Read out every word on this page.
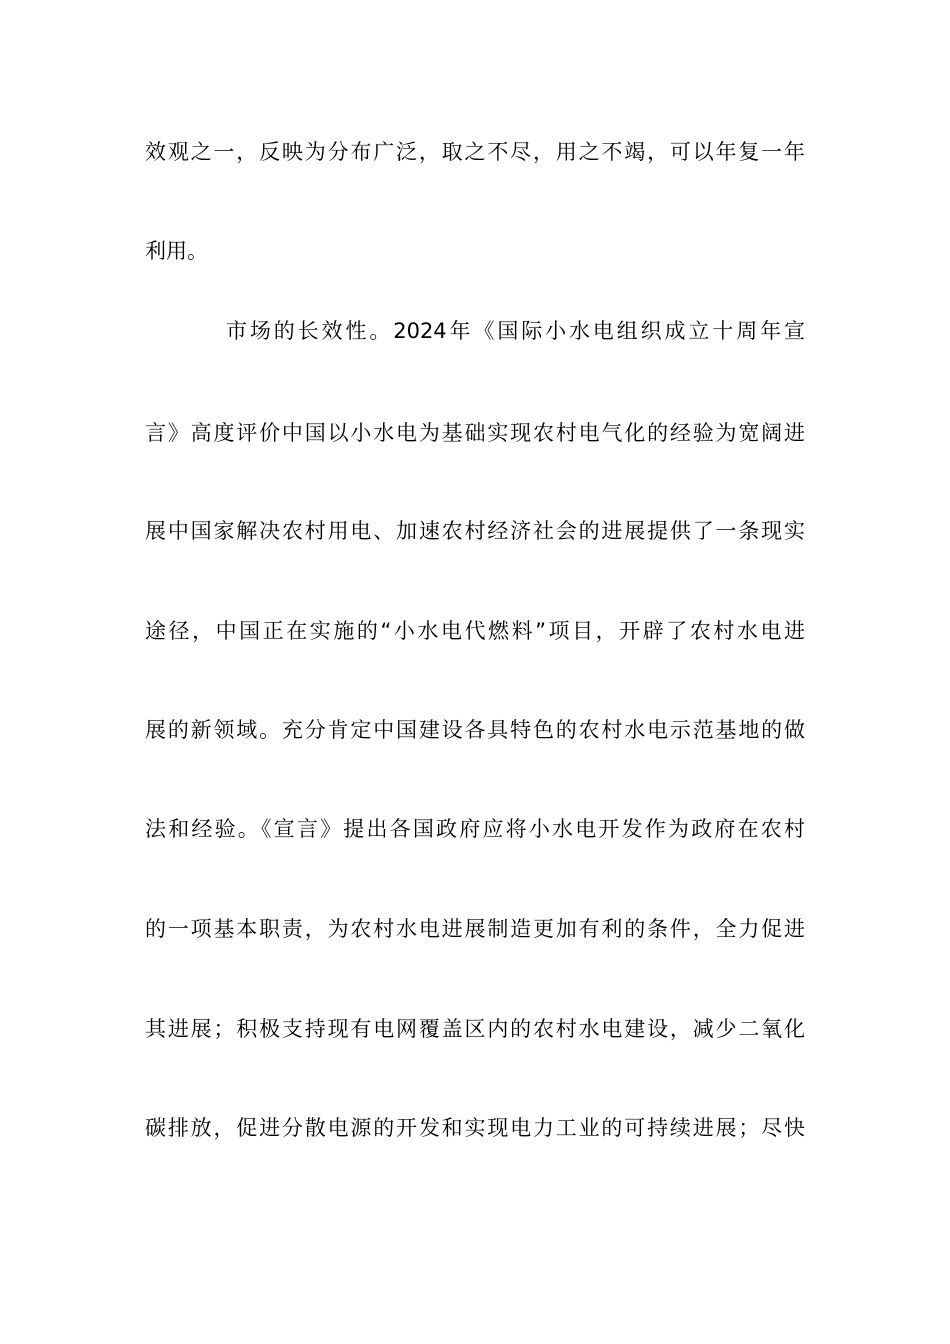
效观之一，反映为分布广泛，取之不尽，用之不竭，可以年复一年
利用。
市场的长效性。2024年《国际小水电组织成立十周年宣
言》高度评价中国以小水电为基础实现农村电气化的经验为宽阔进
展中国家解决农村用电、加速农村经济社会的进展提供了一条现实
途径，中国正在实施的“小水电代燃料”项目，开辟了农村水电进
展的新领域。充分肯定中国建设各具特色的农村水电示范基地的做
法和经验。《宣言》提出各国政府应将小水电开发作为政府在农村
的一项基本职责，为农村水电进展制造更加有利的条件，全力促进
其进展；积极支持现有电网覆盖区内的农村水电建设，减少二氧化
碳排放，促进分散电源的开发和实现电力工业的可持续进展；尽快
